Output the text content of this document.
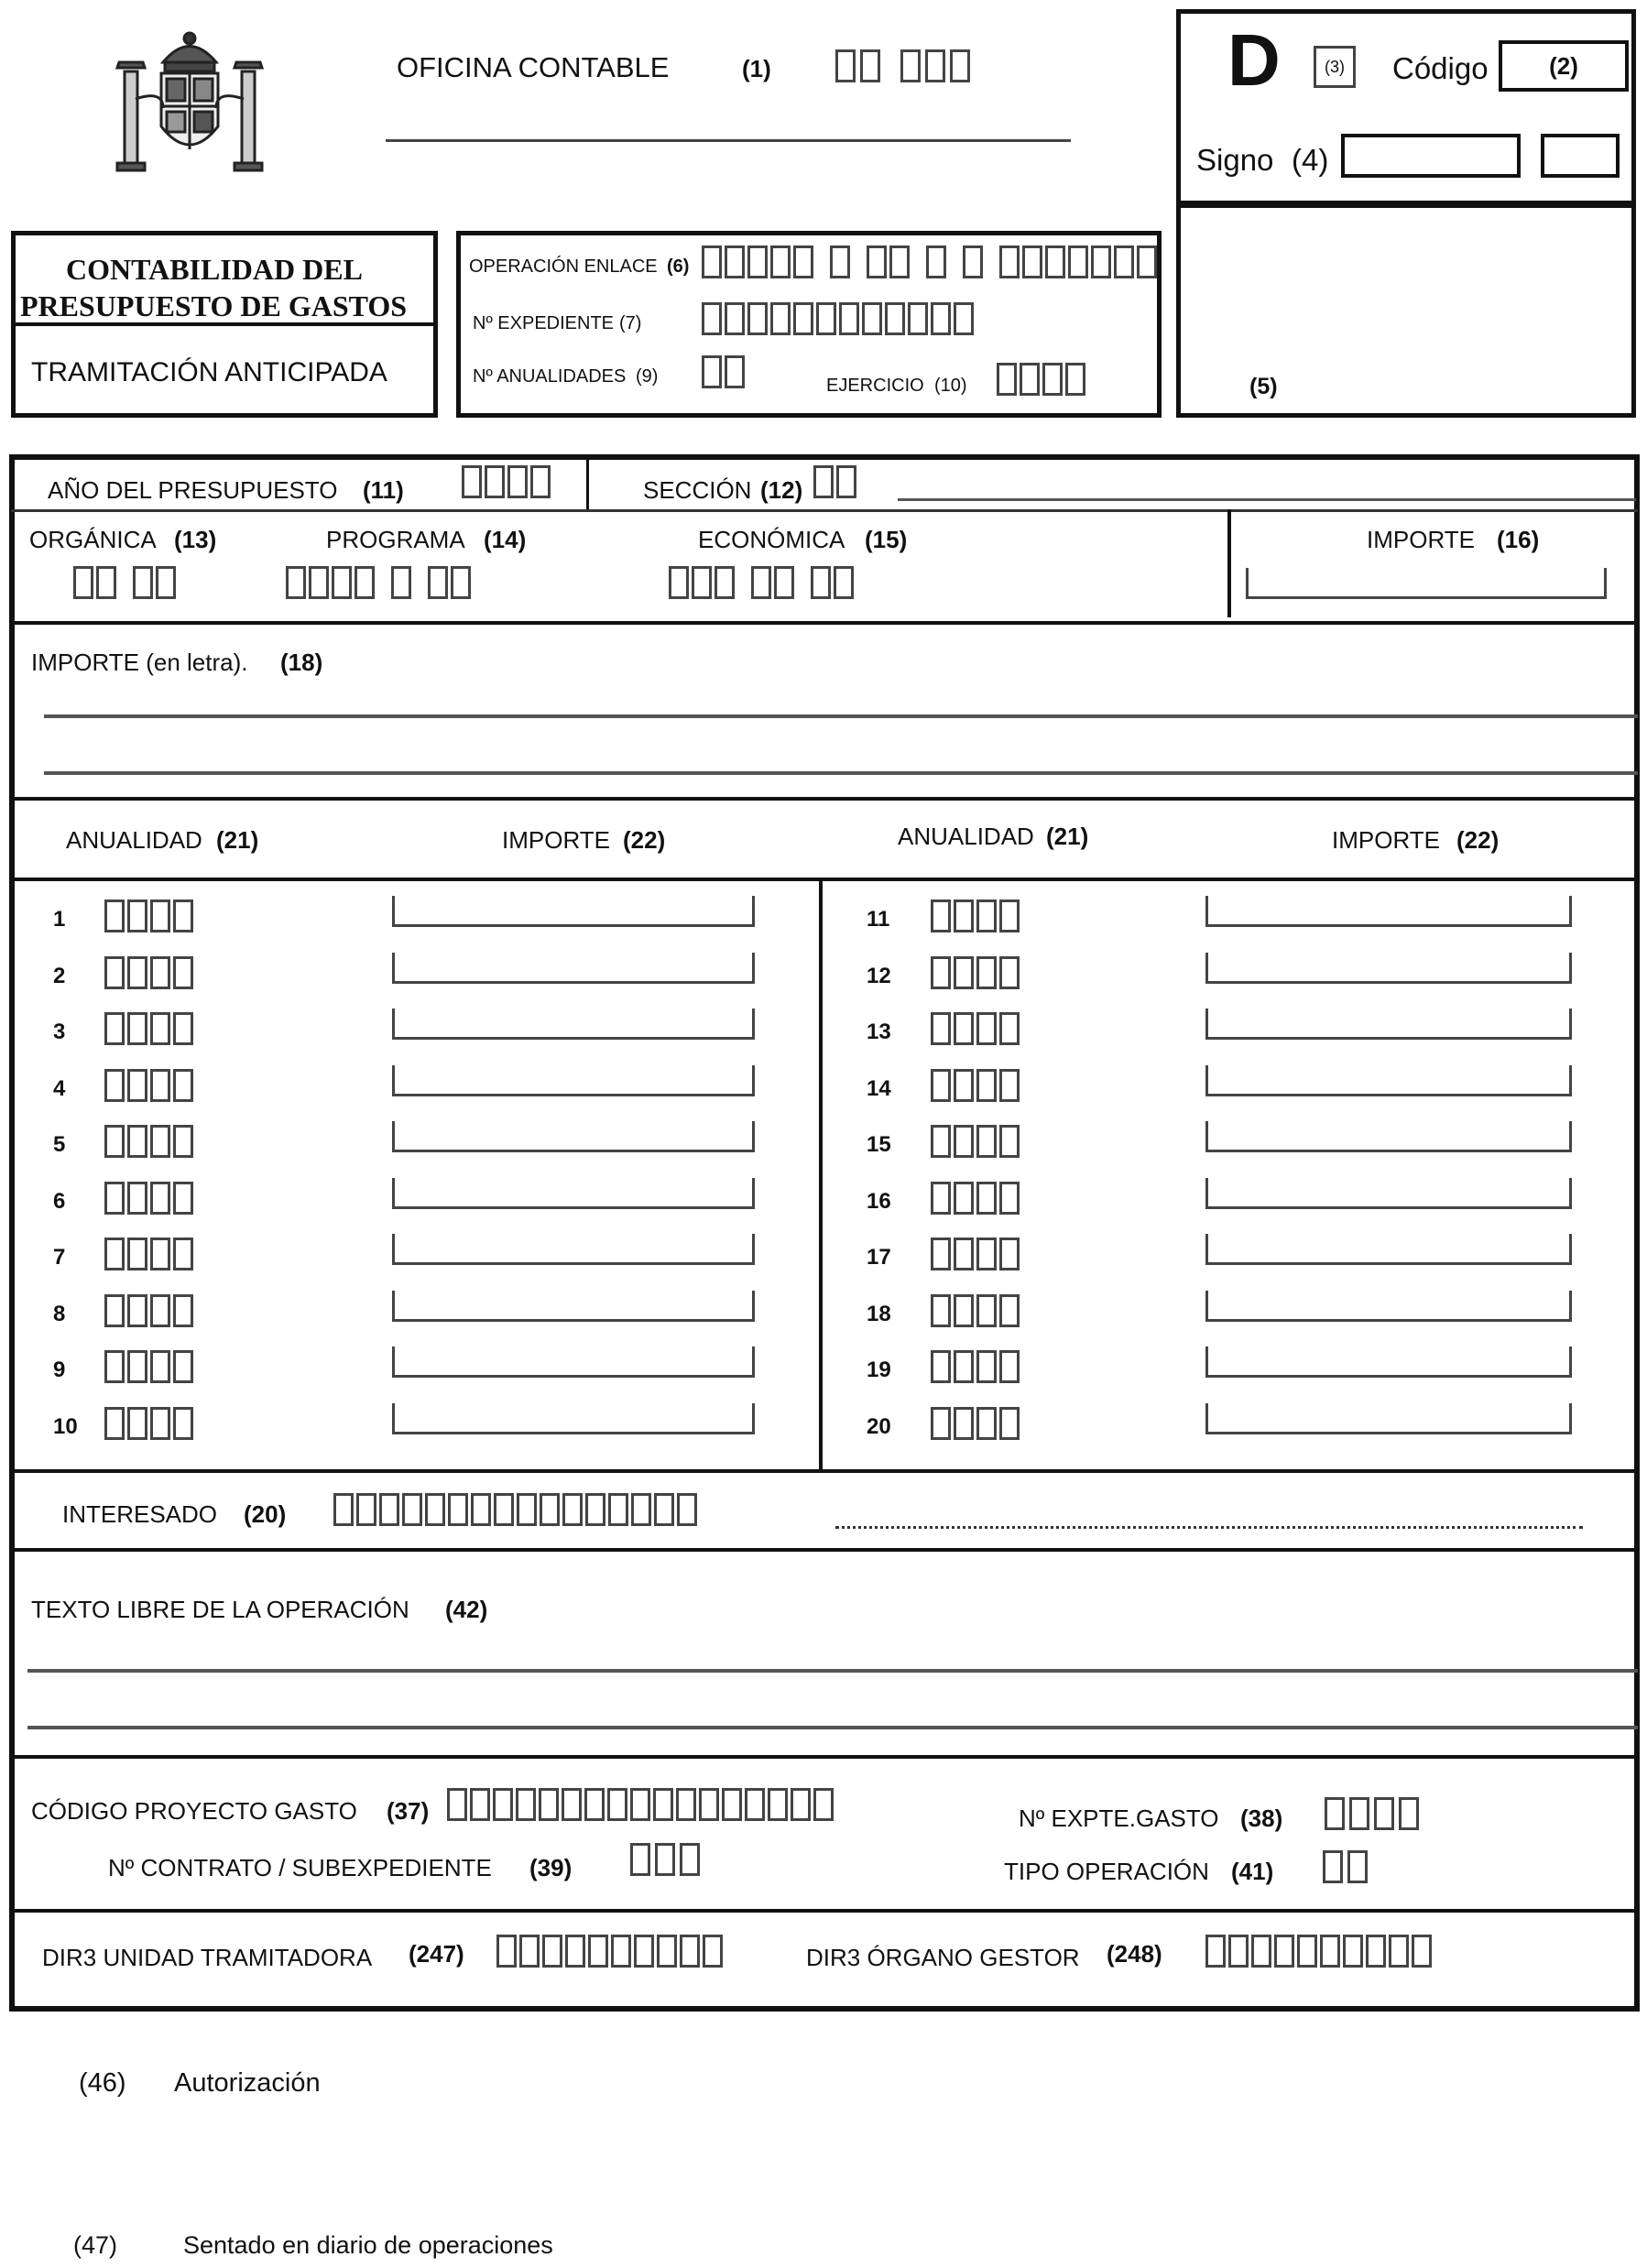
OFICINA CONTABLE	(1)	D	(3)	Código	(2)
Signo (4)
(5)
CONTABILIDAD DEL
PRESUPUESTO DE GASTOS
TRAMITACIÓN ANTICIPADA
OPERACIÓN ENLACE (6)
Nº EXPEDIENTE (7)
Nº ANUALIDADES (9)	EJERCICIO (10)
AÑO DEL PRESUPUESTO (11)	SECCIÓN (12)
ORGÁNICA (13)	PROGRAMA (14)	ECONÓMICA (15)	IMPORTE (16)
IMPORTE (en letra). (18)
ANUALIDAD (21)	IMPORTE (22)	ANUALIDAD (21)	IMPORTE (22)
1
2
3
4
5
6
7
8
9
10
11
12
13
14
15
16
17
18
19
20
INTERESADO (20)
TEXTO LIBRE DE LA OPERACIÓN (42)
CÓDIGO PROYECTO GASTO (37)	Nº EXPTE.GASTO (38)
Nº CONTRATO / SUBEXPEDIENTE (39)	TIPO OPERACIÓN (41)
DIR3 UNIDAD TRAMITADORA (247)	DIR3 ÓRGANO GESTOR (248)
(46) Autorización
(47)	Sentado en diario de operaciones
